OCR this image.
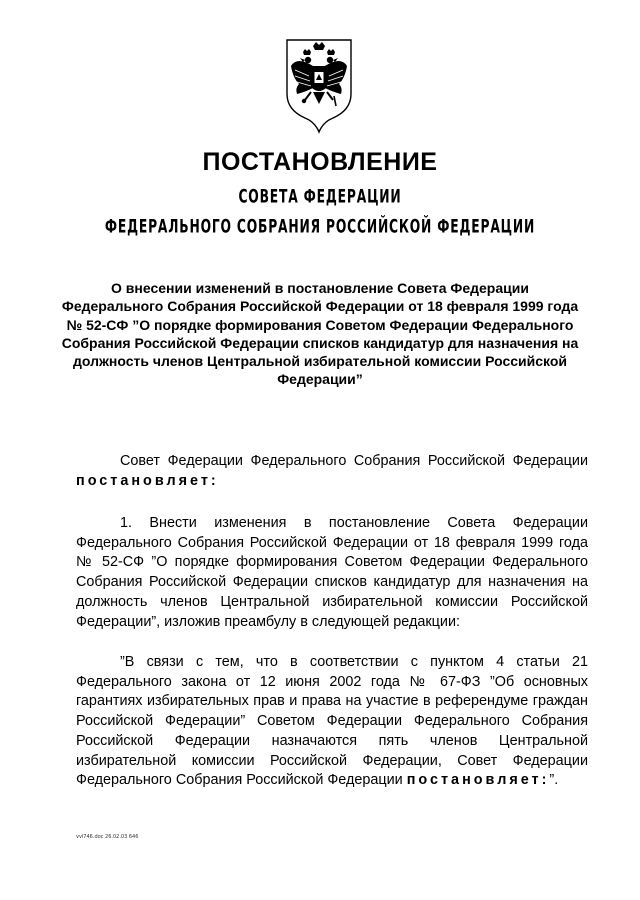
ПОСТАНОВЛЕНИЕ
СОВЕТА ФЕДЕРАЦИИ
ФЕДЕРАЛЬНОГО СОБРАНИЯ РОССИЙСКОЙ ФЕДЕРАЦИИ

О внесении изменений в постановление Совета Федерации Федерального Собрания Российской Федерации от 18 февраля 1999 года № 52-СФ ”О порядке формирования Советом Федерации Федерального Собрания Российской Федерации списков кандидатур для назначения на должность членов Центральной избирательной комиссии Российской Федерации”

Совет Федерации Федерального Собрания Российской Федерации постановляет:

1. Внести изменения в постановление Совета Федерации Федерального Собрания Российской Федерации от 18 февраля 1999 года № 52-СФ ”О порядке формирования Советом Федерации Федерального Собрания Российской Федерации списков кандидатур для назначения на должность членов Центральной избирательной комиссии Российской Федерации”, изложив преамбулу в следующей редакции:

”В связи с тем, что в соответствии с пунктом 4 статьи 21 Федерального закона от 12 июня 2002 года № 67-ФЗ ”Об основных гарантиях избирательных прав и права на участие в референдуме граждан Российской Федерации” Советом Федерации Федерального Собрания Российской Федерации назначаются пять членов Центральной избирательной комиссии Российской Федерации, Совет Федерации Федерального Собрания Российской Федерации постановляет:”.

vvl746.doc 26.02.03 646
